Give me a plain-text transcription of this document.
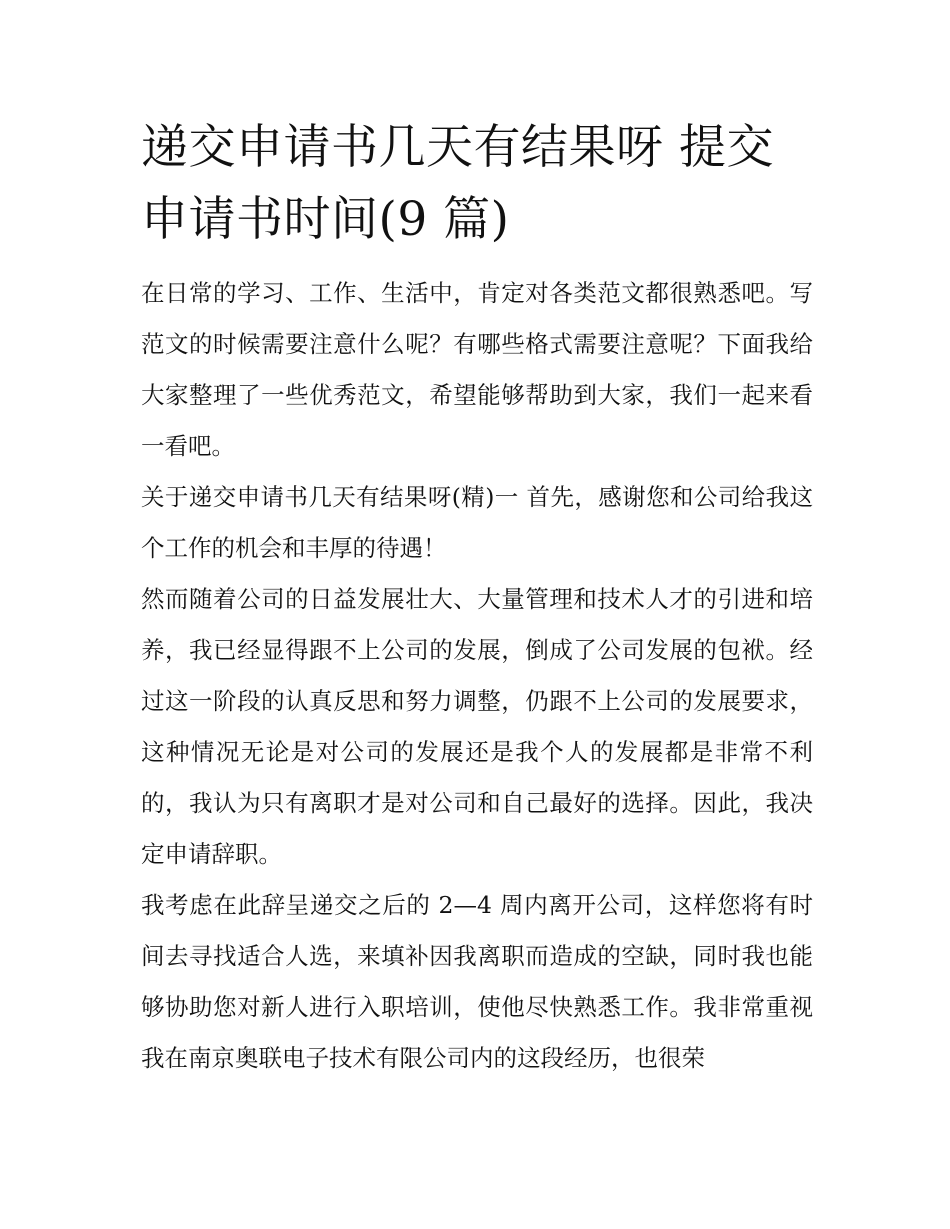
递交申请书几天有结果呀 提交申请书时间(9 篇)

在日常的学习、工作、生活中，肯定对各类范文都很熟悉吧。写范文的时候需要注意什么呢？有哪些格式需要注意呢？下面我给大家整理了一些优秀范文，希望能够帮助到大家，我们一起来看一看吧。

关于递交申请书几天有结果呀(精)一 首先，感谢您和公司给我这个工作的机会和丰厚的待遇！

然而随着公司的日益发展壮大、大量管理和技术人才的引进和培养，我已经显得跟不上公司的发展，倒成了公司发展的包袱。经过这一阶段的认真反思和努力调整，仍跟不上公司的发展要求，这种情况无论是对公司的发展还是我个人的发展都是非常不利的，我认为只有离职才是对公司和自己最好的选择。因此，我决定申请辞职。

我考虑在此辞呈递交之后的 2—4 周内离开公司，这样您将有时间去寻找适合人选，来填补因我离职而造成的空缺，同时我也能够协助您对新人进行入职培训，使他尽快熟悉工作。我非常重视我在南京奥联电子技术有限公司内的这段经历，也很荣
